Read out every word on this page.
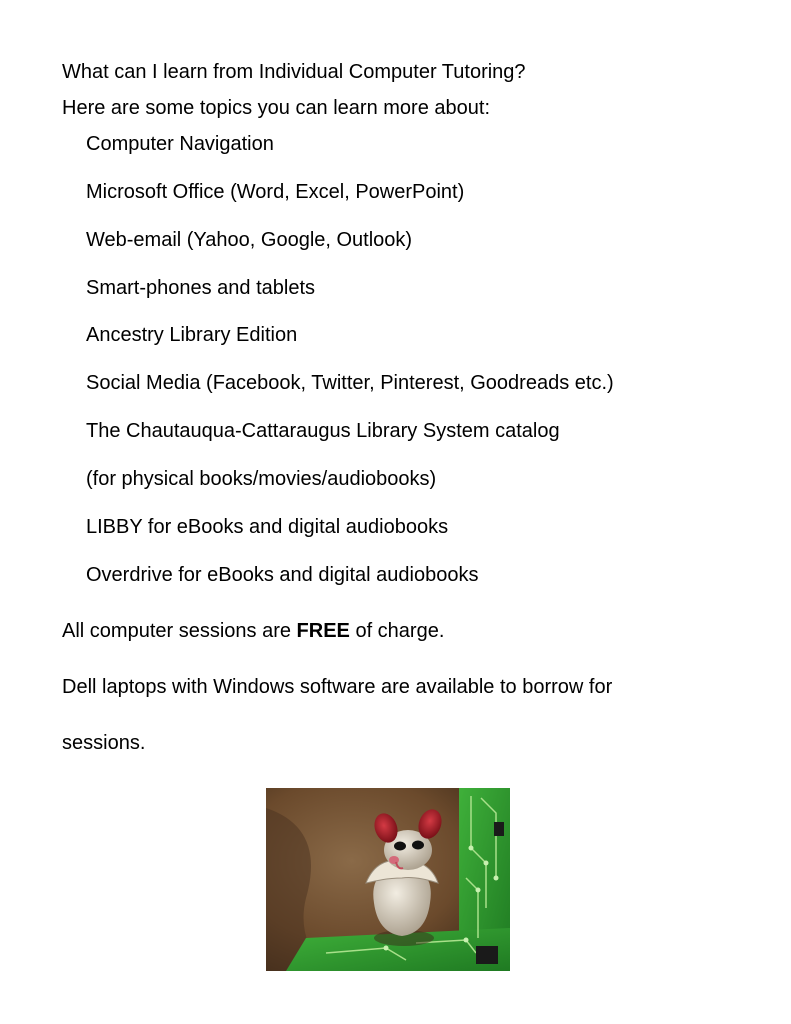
What can I learn from Individual Computer Tutoring?

Here are some topics you can learn more about:

Computer Navigation

Microsoft Office (Word, Excel, PowerPoint)

Web-email (Yahoo, Google, Outlook)

Smart-phones and tablets

Ancestry Library Edition

Social Media (Facebook, Twitter, Pinterest, Goodreads etc.)

The Chautauqua-Cattaraugus Library System catalog

(for physical books/movies/audiobooks)

LIBBY for eBooks and digital audiobooks

Overdrive for eBooks and digital audiobooks

All computer sessions are FREE of charge.

Dell laptops with Windows software are available to borrow for

sessions.
